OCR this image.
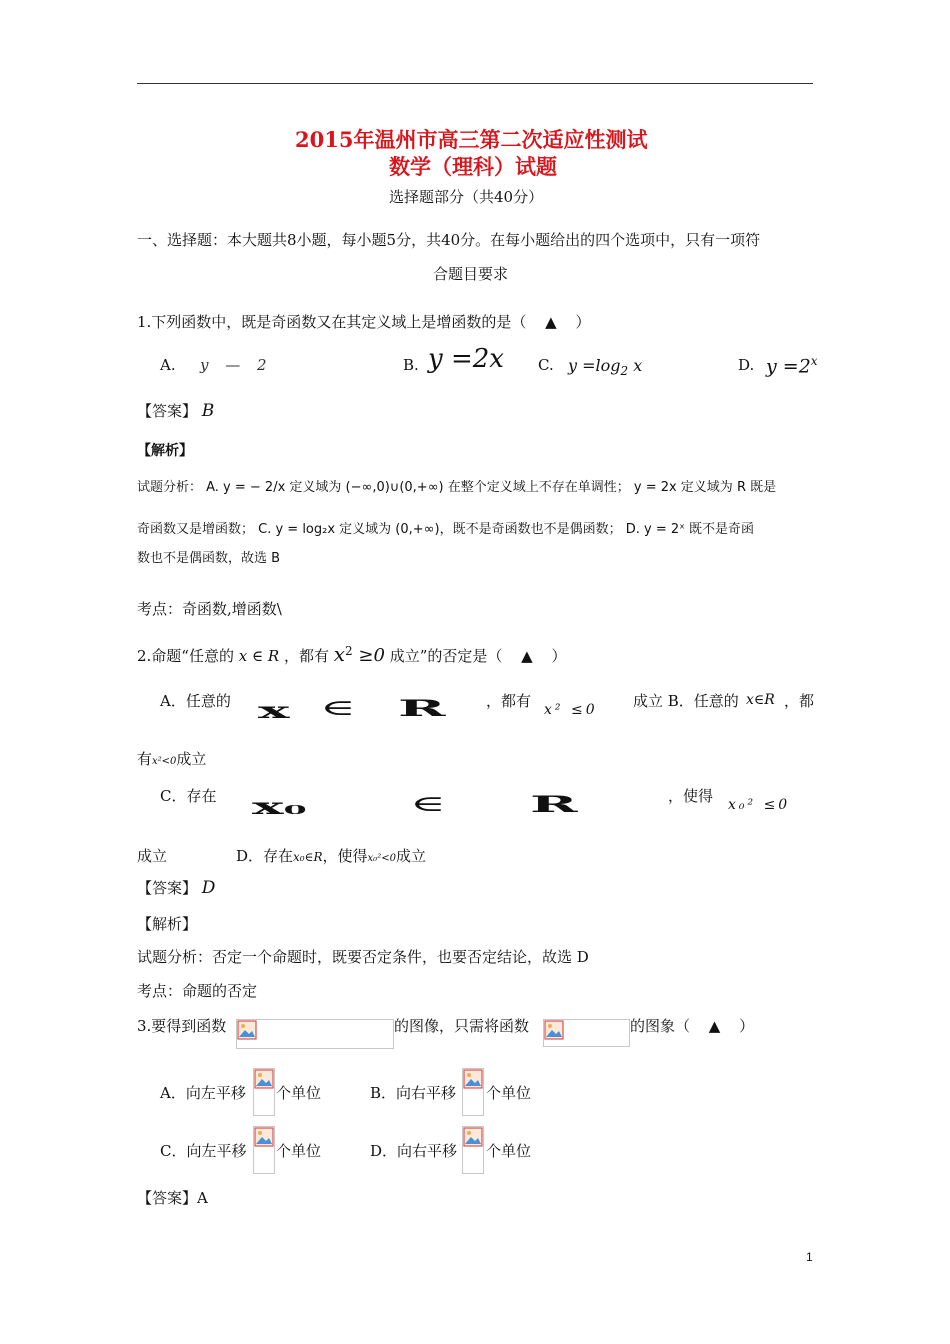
2015年温州市高三第二次适应性测试
数学（理科）试题
选择题部分（共40分）
一、选择题：本大题共8小题，每小题5分，共40分。在每小题给出的四个选项中，只有一项符
合题目要求
1.下列函数中，既是奇函数又在其定义域上是增函数的是（ ▲ ）
A. y — 2	B. y =2x C. $y =\log_2$ x	D. $y =2^x$
【答案】 B
【解析】
试题分析： A. y = − 2/x 定义域为 (−∞,0)∪(0,+∞) 在整个定义域上不存在单调性； y = 2x 定义域为 R 既是
奇函数又是增函数； C. y = log₂x 定义域为 (0,+∞)，既不是奇函数也不是偶函数； D. y = 2ˣ 既不是奇函
数也不是偶函数，故选 B
考点：奇函数,增函数\
2.命题“任意的 x ∈ R ，都有 $x^2 \ge 0$ 成立”的否定是（ ▲ ）
A．任意的 x ∈ R	，都有 x² ≤0 成立 B．任意的 x∈R ，都
有x²<0成立
C．存在 x₀	∈	R	，使得 x₀² ≤0
成立	D．存在x₀∈R，使得x₀²<0成立
【答案】 D
【解析】
试题分析：否定一个命题时，既要否定条件，也要否定结论，故选 D
考点：命题的否定
3.要得到函数	的图像，只需将函数	的图象（ ▲ ）
A．向左平移 个单位	B．向右平移 个单位
C．向左平移 个单位	D．向右平移 个单位
【答案】A
1
